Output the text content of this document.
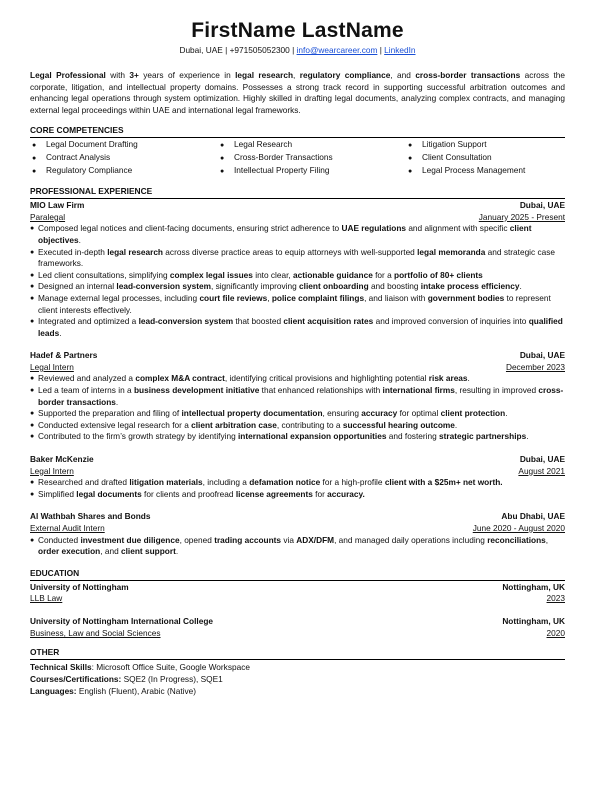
FirstName LastName
Dubai, UAE | +971505052300 | info@wearcareer.com | LinkedIn
Legal Professional with 3+ years of experience in legal research, regulatory compliance, and cross-border transactions across the corporate, litigation, and intellectual property domains. Possesses a strong track record in supporting successful arbitration outcomes and enhancing legal operations through system optimization. Highly skilled in drafting legal documents, analyzing complex contracts, and managing external legal proceedings within UAE and international legal frameworks.
CORE COMPETENCIES
● Legal Document Drafting	● Legal Research	● Litigation Support
● Contract Analysis	● Cross-Border Transactions	● Client Consultation
● Regulatory Compliance	● Intellectual Property Filing	● Legal Process Management
PROFESSIONAL EXPERIENCE
MIO Law Firm	Dubai, UAE
Paralegal	January 2025 - Present
● Composed legal notices and client-facing documents, ensuring strict adherence to UAE regulations and alignment with specific client objectives.
● Executed in-depth legal research across diverse practice areas to equip attorneys with well-supported legal memoranda and strategic case frameworks.
● Led client consultations, simplifying complex legal issues into clear, actionable guidance for a portfolio of 80+ clients
● Designed an internal lead-conversion system, significantly improving client onboarding and boosting intake process efficiency.
● Manage external legal processes, including court file reviews, police complaint filings, and liaison with government bodies to represent client interests effectively.
● Integrated and optimized a lead-conversion system that boosted client acquisition rates and improved conversion of inquiries into qualified leads.
Hadef & Partners	Dubai, UAE
Legal Intern	December 2023
● Reviewed and analyzed a complex M&A contract, identifying critical provisions and highlighting potential risk areas.
● Led a team of interns in a business development initiative that enhanced relationships with international firms, resulting in improved cross-border transactions.
● Supported the preparation and filing of intellectual property documentation, ensuring accuracy for optimal client protection.
● Conducted extensive legal research for a client arbitration case, contributing to a successful hearing outcome.
● Contributed to the firm’s growth strategy by identifying international expansion opportunities and fostering strategic partnerships.
Baker McKenzie	Dubai, UAE
Legal Intern	August 2021
● Researched and drafted litigation materials, including a defamation notice for a high-profile client with a $25m+ net worth.
● Simplified legal documents for clients and proofread license agreements for accuracy.
Al Wathbah Shares and Bonds	Abu Dhabi, UAE
External Audit Intern	June 2020 - August 2020
● Conducted investment due diligence, opened trading accounts via ADX/DFM, and managed daily operations including reconciliations, order execution, and client support.
EDUCATION
University of Nottingham	Nottingham, UK
LLB Law	2023
University of Nottingham International College	Nottingham, UK
Business, Law and Social Sciences	2020
OTHER
Technical Skills: Microsoft Office Suite, Google Workspace
Courses/Certifications: SQE2 (In Progress), SQE1
Languages: English (Fluent), Arabic (Native)
